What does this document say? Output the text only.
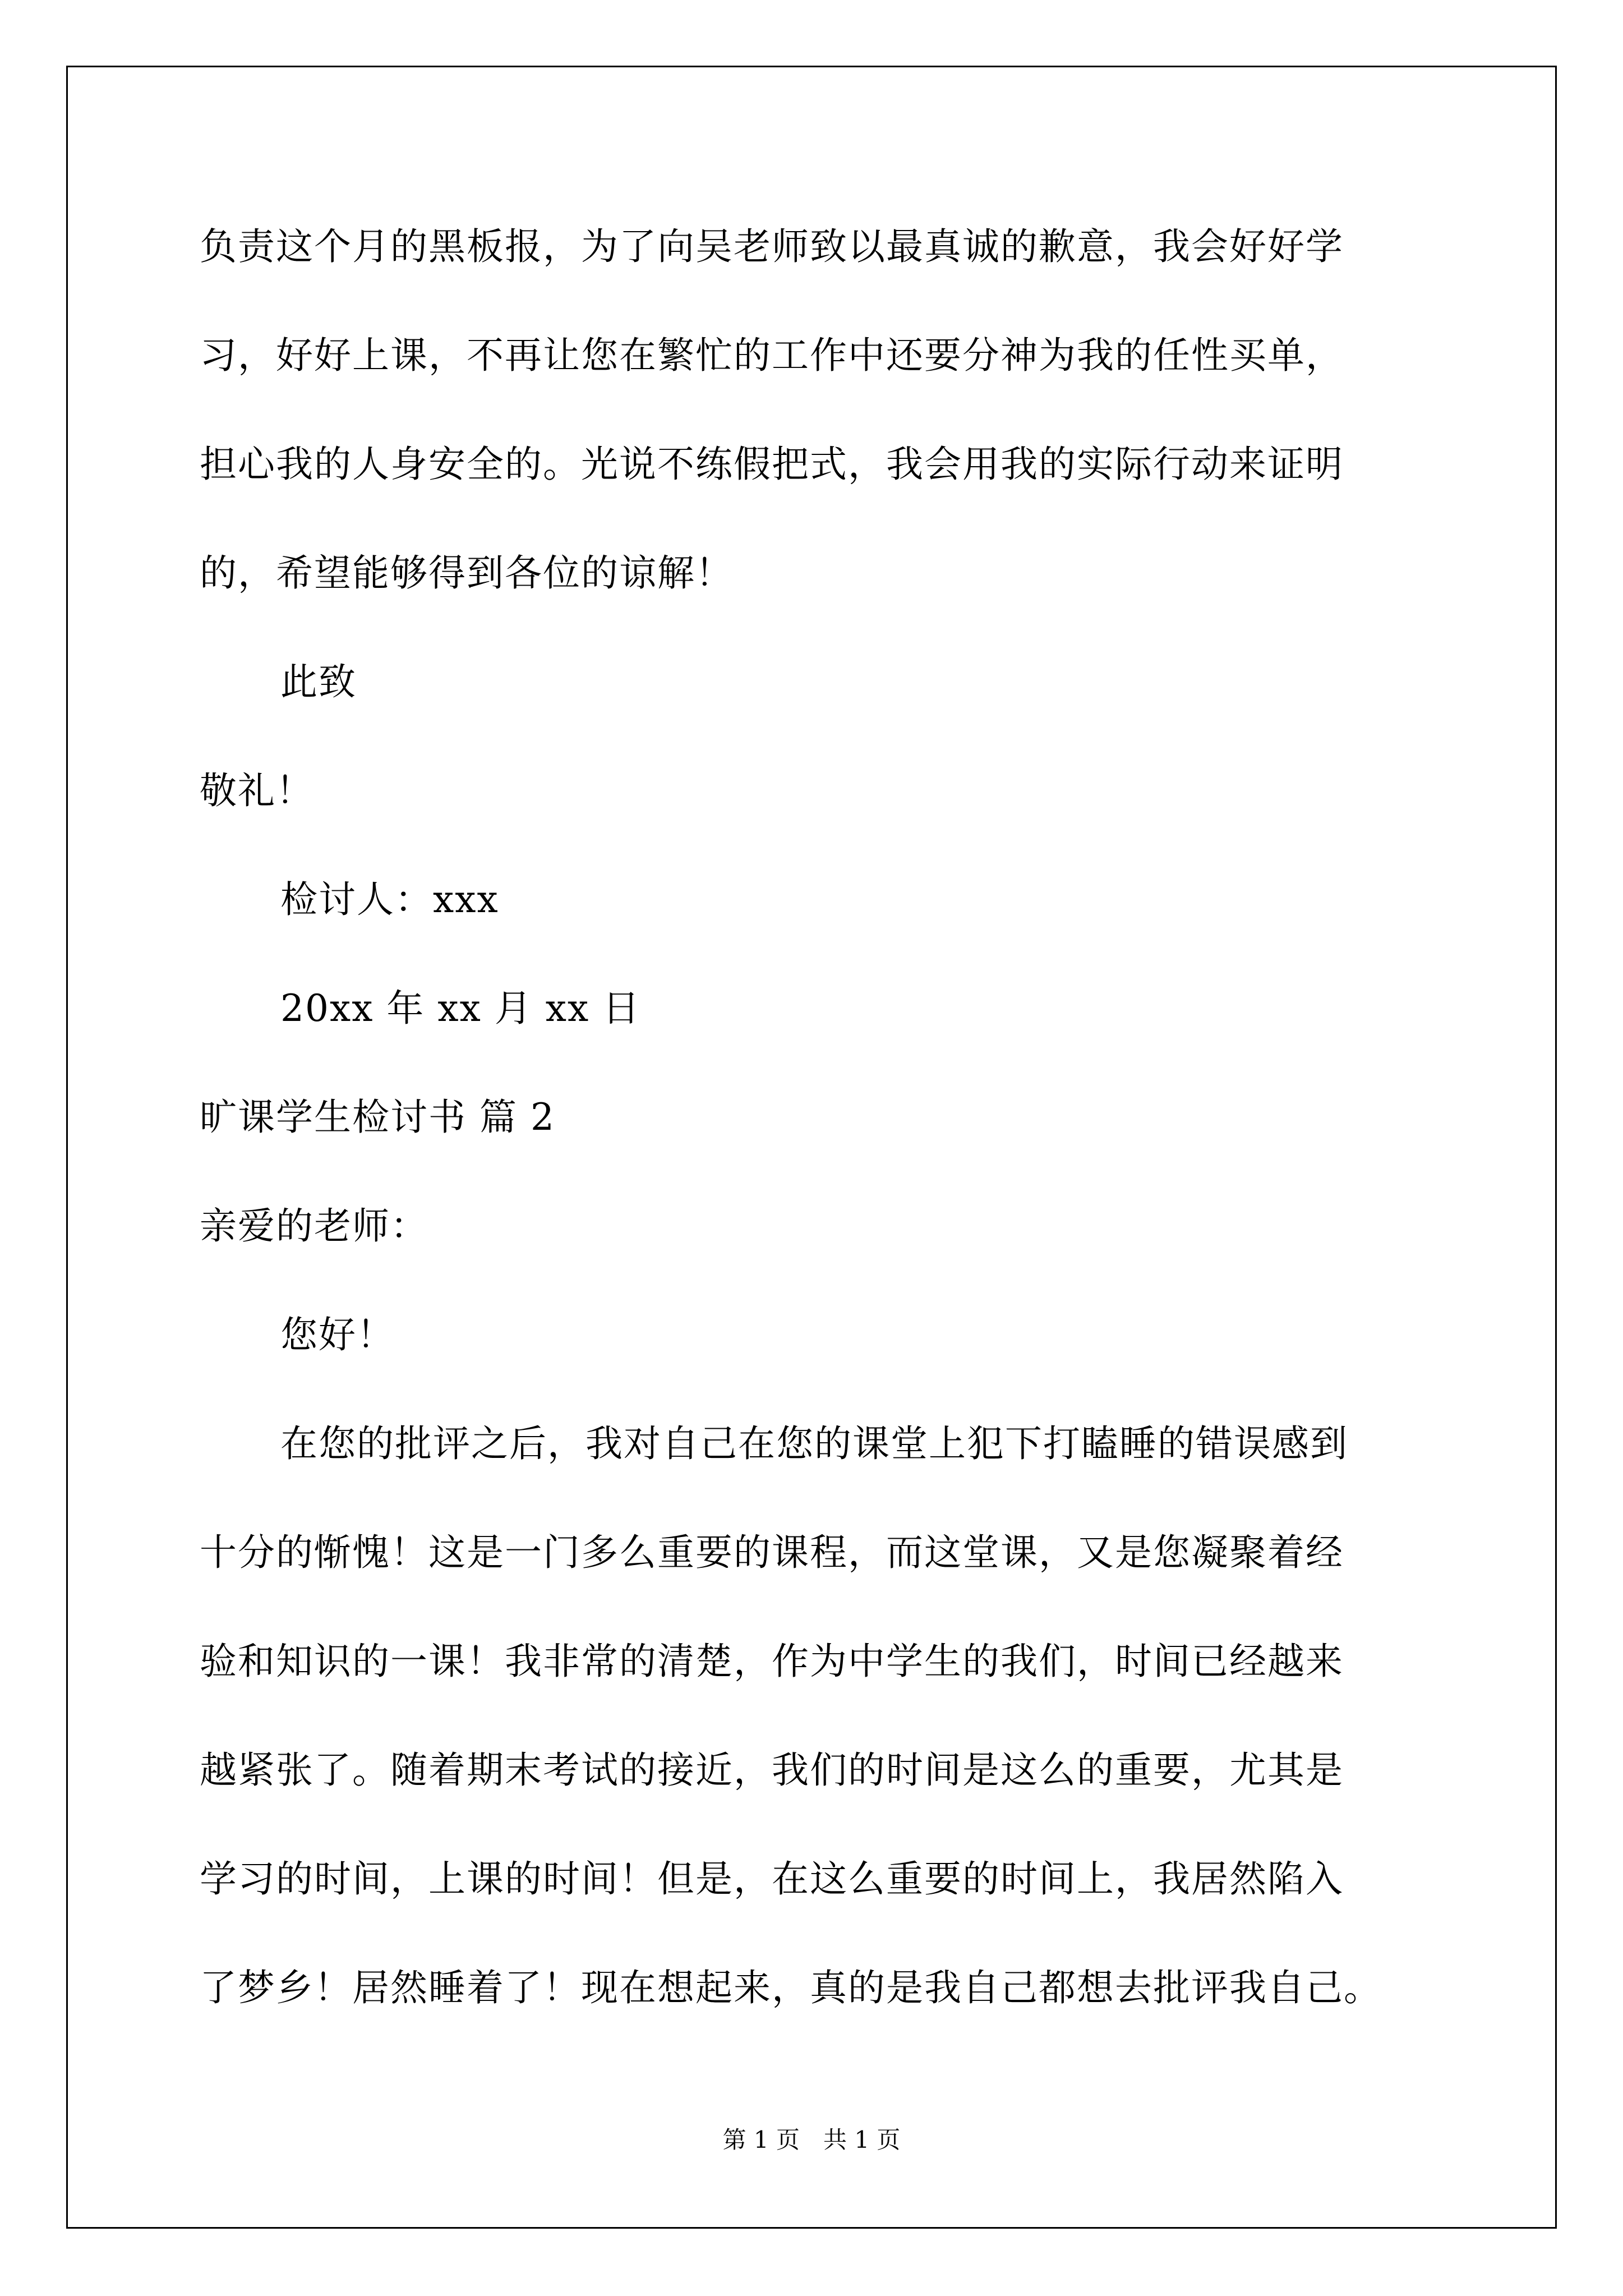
负责这个月的黑板报，为了向吴老师致以最真诚的歉意，我会好好学
习，好好上课，不再让您在繁忙的工作中还要分神为我的任性买单，
担心我的人身安全的。光说不练假把式，我会用我的实际行动来证明
的，希望能够得到各位的谅解！
此致
敬礼！
检讨人：xxx
20xx 年 xx 月 xx 日
旷课学生检讨书 篇 2
亲爱的老师：
您好！
在您的批评之后，我对自己在您的课堂上犯下打瞌睡的错误感到
十分的惭愧！这是一门多么重要的课程，而这堂课，又是您凝聚着经
验和知识的一课！我非常的清楚，作为中学生的我们，时间已经越来
越紧张了。随着期末考试的接近，我们的时间是这么的重要，尤其是
学习的时间，上课的时间！但是，在这么重要的时间上，我居然陷入
了梦乡！居然睡着了！现在想起来，真的是我自己都想去批评我自己。
第 1 页　共 1 页
